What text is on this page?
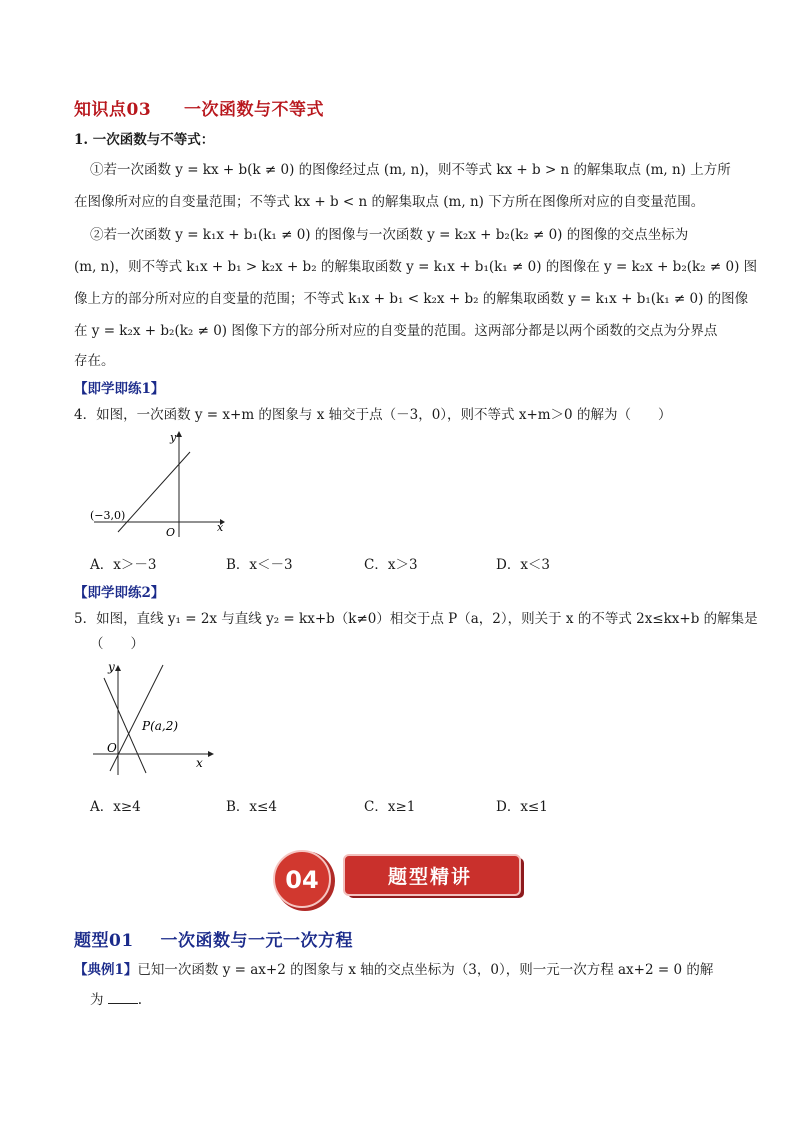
知识点03 一次函数与不等式
1. 一次函数与不等式：
①若一次函数 y = kx + b(k ≠ 0) 的图像经过点 (m, n)，则不等式 kx + b > n 的解集取点 (m, n) 上方所
在图像所对应的自变量范围；不等式 kx + b < n 的解集取点 (m, n) 下方所在图像所对应的自变量范围。
②若一次函数 y = k₁x + b₁(k₁ ≠ 0) 的图像与一次函数 y = k₂x + b₂(k₂ ≠ 0) 的图像的交点坐标为
(m, n)，则不等式 k₁x + b₁ > k₂x + b₂ 的解集取函数 y = k₁x + b₁(k₁ ≠ 0) 的图像在 y = k₂x + b₂(k₂ ≠ 0) 图
像上方的部分所对应的自变量的范围；不等式 k₁x + b₁ < k₂x + b₂ 的解集取函数 y = k₁x + b₁(k₁ ≠ 0) 的图像
在 y = k₂x + b₂(k₂ ≠ 0) 图像下方的部分所对应的自变量的范围。这两部分都是以两个函数的交点为分界点
存在。
【即学即练1】
4．如图，一次函数 y = x+m 的图象与 x 轴交于点（－3，0），则不等式 x+m＞0 的解为（　　）
(−3,0)
O	x
y
A．x＞－3	B．x＜－3	C．x＞3	D．x＜3
【即学即练2】
5．如图，直线 y₁ = 2x 与直线 y₂ = kx+b（k≠0）相交于点 P（a，2），则关于 x 的不等式 2x≤kx+b 的解集是
（　　）
P(a,2)
O
x
y
A．x≥4	B．x≤4	C．x≥1	D．x≤1
04	题型精讲
题型01 一次函数与一元一次方程
【典例1】已知一次函数 y = ax+2 的图象与 x 轴的交点坐标为（3，0），则一元一次方程 ax+2 = 0 的解
为	.
